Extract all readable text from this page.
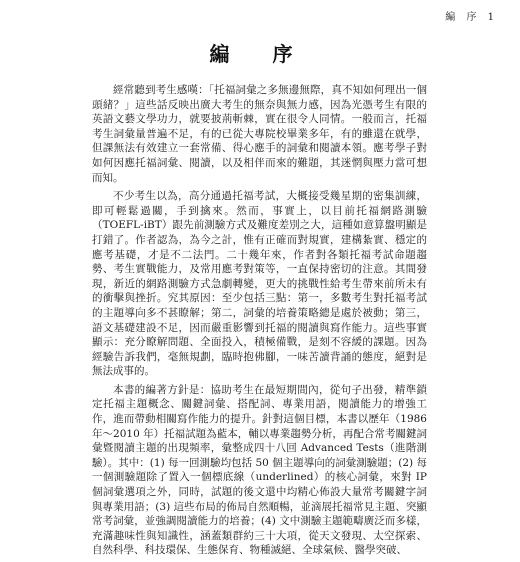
編 序 1
編 序

經常聽到考生感嘆：「托福詞彙之多無邊無際，真不知如何理出一個頭緒？」這些話反映出廣大考生的無奈與無力感，因為光憑考生有限的英語文藝文學功力，就要披荊斬棘，實在很令人同情。一般而言，托福考生詞彙量普遍不足，有的已從大專院校畢業多年，有的雖還在就學，但課無法有效建立一套常備、得心應手的詞彙和閱讀本領。應考學子對如何因應托福詞彙、閱讀，以及相伴而來的難題，其迷惘與壓力當可想而知。

不少考生以為，高分通過托福考試，大概接受幾星期的密集訓練，即可輕鬆過關，手到擒來。然而，事實上，以目前托福網路測驗（TOEFL-iBT）跟先前測驗方式及難度差別之大，這種如意算盤明顯是打錯了。作者認為，為今之計，惟有正確而對規實，建構紮實、穩定的應考基礎，才是不二法門。二十幾年來，作者對各類托福考試命題趨勢、考生實戰能力，及常用應考對策等，一直保持密切的注意。其間發現，新近的網路測驗方式急劇轉變，更大的挑戰性給考生帶來前所未有的衝擊與挫折。究其原因：至少包括三點：第一，多數考生對托福考試的主題導向多不甚瞭解；第二，詞彙的培養策略總是處於被動；第三，語文基礎建設不足，因而嚴重影響到托福的閱讀與寫作能力。這些事實顯示：充分瞭解問題、全面投入，積極備戰，是刻不容緩的課題。因為經驗告訴我們，毫無規劃，臨時抱佛腳，一味苦讀背誦的態度，絕對是無法成事的。

本書的編著方針是：協助考生在最短期間內，從句子出發，精準鎖定托福主題概念、關鍵詞彙、搭配詞、專業用語，閱讀能力的增強工作，進而帶動相關寫作能力的提升。針對這個目標，本書以歷年（1986 年～2010 年）托福試題為藍本，輔以專業趨勢分析，再配合常考關鍵詞彙暨閱讀主題的出現頻率，彙整成四十八回 Advanced Tests（進階測驗）。其中：(1) 每一回測驗均包括 50 個主題導向的詞彙測驗題；(2) 每一個測驗題除了置入一個標底線（underlined）的核心詞彙，來對 IP 個詞彙選項之外，同時，試題的後文還中均精心佈設大量常考關鍵字詞與專業用語；(3) 這些布局的佈局自然順暢，並滴展托福常見主題、突顯常考詞彙，並強調閱讀能力的培養；(4) 文中測驗主題範疇廣泛而多樣，充滿趣味性與知識性，涵蓋類群約三十大項，從天文發現、太空探索、自然科學、科技環保、生態保育、物種滅絕、全球氣候、醫學突破、
